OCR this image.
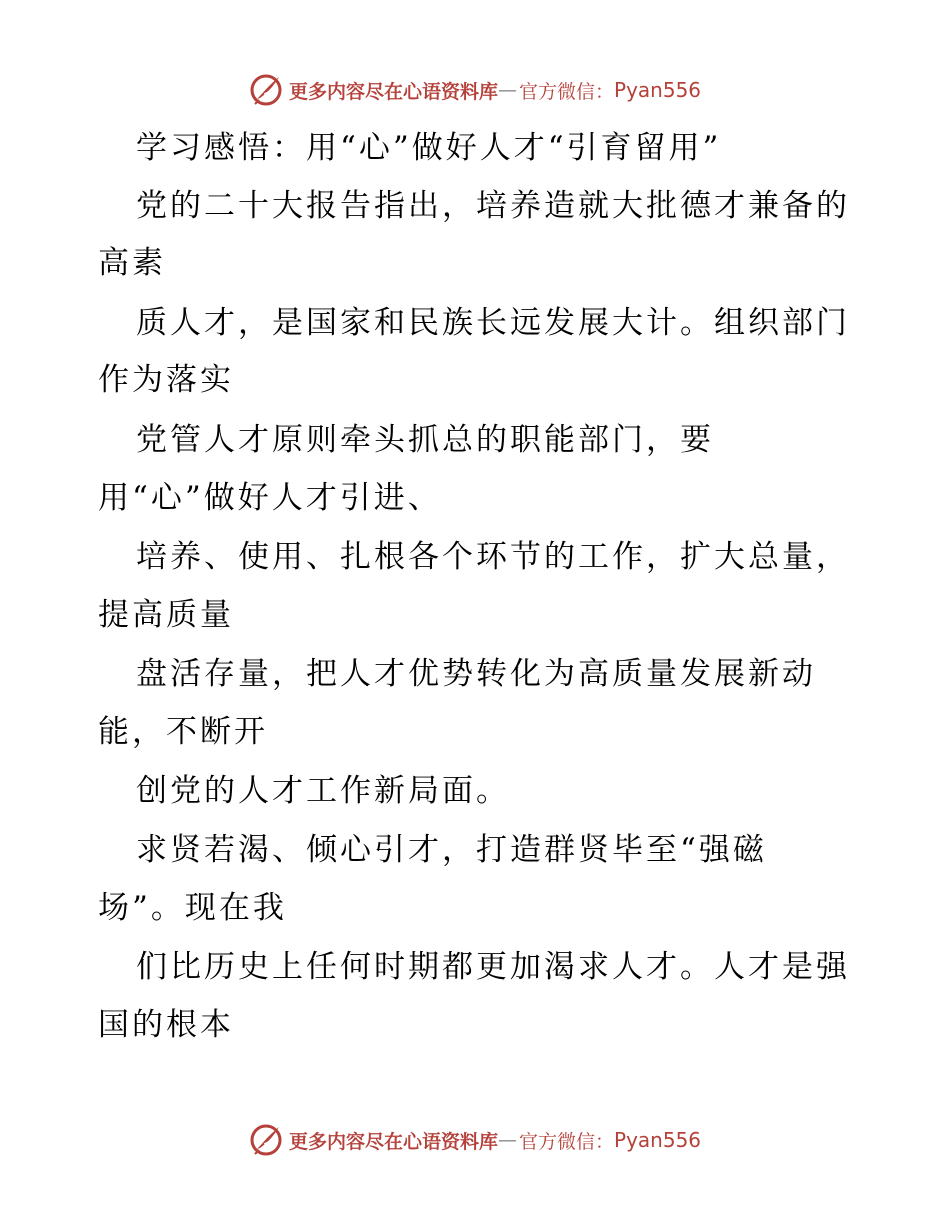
更多内容尽在心语资料库 — 官方微信 ： Pyan556
学习感悟：用“心”做好人才“引育留用”
党的二十大报告指出，培养造就大批德才兼备的
高素
质人才，是国家和民族长远发展大计。组织部门
作为落实
党管人才原则牵头抓总的职能部门，要
用“心”做好人才引进、
培养、使用、扎根各个环节的工作，扩大总量，
提高质量
盘活存量，把人才优势转化为高质量发展新动
能，不断开
创党的人才工作新局面。
求贤若渴、倾心引才，打造群贤毕至“强磁
场”。现在我
们比历史上任何时期都更加渴求人才。人才是强
国的根本
更多内容尽在心语资料库 — 官方微信 ： Pyan556
